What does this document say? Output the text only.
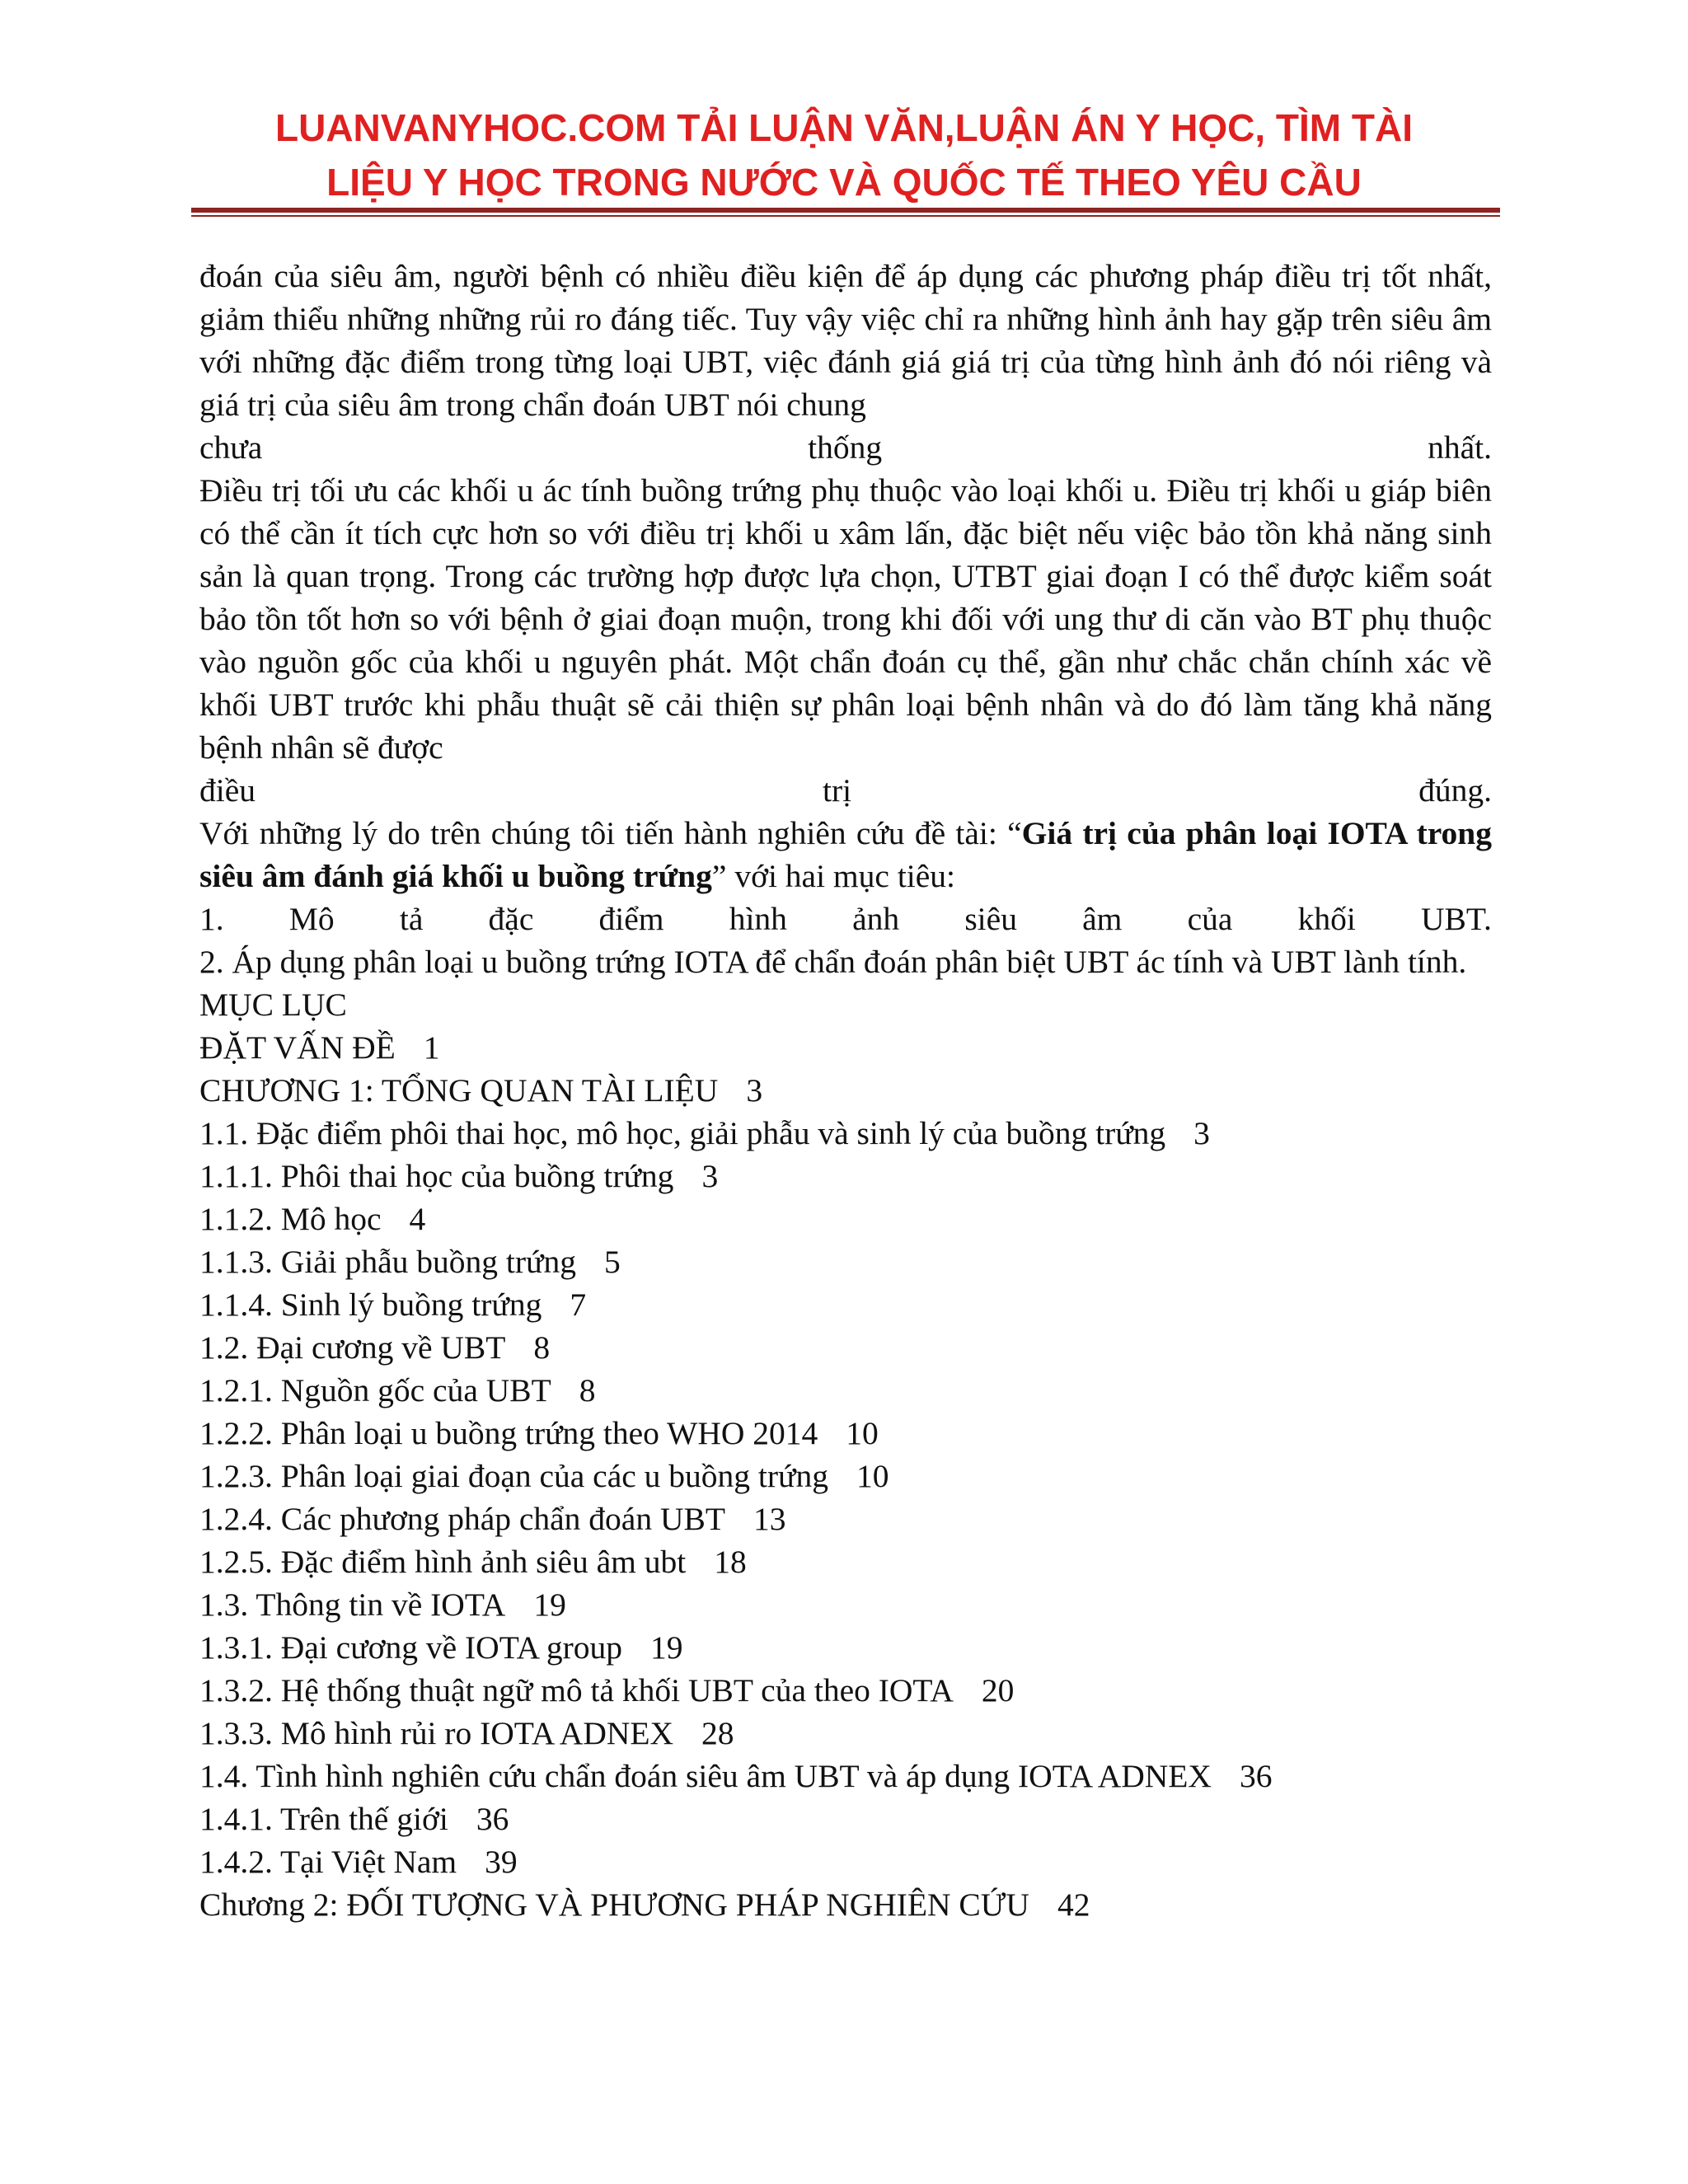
LUANVANYHOC.COM TẢI LUẬN VĂN,LUẬN ÁN Y HỌC, TÌM TÀI
LIỆU Y HỌC TRONG NƯỚC VÀ QUỐC TẾ THEO YÊU CẦU

đoán của siêu âm, người bệnh có nhiều điều kiện để áp dụng các phương pháp điều trị tốt nhất, giảm thiểu những những rủi ro đáng tiếc. Tuy vậy việc chỉ ra những hình ảnh hay gặp trên siêu âm với những đặc điểm trong từng loại UBT, việc đánh giá giá trị của từng hình ảnh đó nói riêng và giá trị của siêu âm trong chẩn đoán UBT nói chung

chưa	thống	nhất.

Điều trị tối ưu các khối u ác tính buồng trứng phụ thuộc vào loại khối u. Điều trị khối u giáp biên có thể cần ít tích cực hơn so với điều trị khối u xâm lấn, đặc biệt nếu việc bảo tồn khả năng sinh sản là quan trọng. Trong các trường hợp được lựa chọn, UTBT giai đoạn I có thể được kiểm soát bảo tồn tốt hơn so với bệnh ở giai đoạn muộn, trong khi đối với ung thư di căn vào BT phụ thuộc vào nguồn gốc của khối u nguyên phát. Một chẩn đoán cụ thể, gần như chắc chắn chính xác về khối UBT trước khi phẫu thuật sẽ cải thiện sự phân loại bệnh nhân và do đó làm tăng khả năng bệnh nhân sẽ được

điều	trị	đúng.

Với những lý do trên chúng tôi tiến hành nghiên cứu đề tài: “Giá trị của phân loại IOTA trong siêu âm đánh giá khối u buồng trứng” với hai mục tiêu:

1. Mô tả đặc điểm hình ảnh siêu âm của khối UBT.

2. Áp dụng phân loại u buồng trứng IOTA để chẩn đoán phân biệt UBT ác tính và UBT lành tính.

MỤC LỤC
ĐẶT VẤN ĐỀ 1
CHƯƠNG 1: TỔNG QUAN TÀI LIỆU 3
1.1. Đặc điểm phôi thai học, mô học, giải phẫu và sinh lý của buồng trứng 3
1.1.1. Phôi thai học của buồng trứng 3
1.1.2. Mô học 4
1.1.3. Giải phẫu buồng trứng 5
1.1.4. Sinh lý buồng trứng 7
1.2. Đại cương về UBT 8
1.2.1. Nguồn gốc của UBT 8
1.2.2. Phân loại u buồng trứng theo WHO 2014 10
1.2.3. Phân loại giai đoạn của các u buồng trứng 10
1.2.4. Các phương pháp chẩn đoán UBT 13
1.2.5. Đặc điểm hình ảnh siêu âm ubt 18
1.3. Thông tin về IOTA 19
1.3.1. Đại cương về IOTA group 19
1.3.2. Hệ thống thuật ngữ mô tả khối UBT của theo IOTA 20
1.3.3. Mô hình rủi ro IOTA ADNEX 28
1.4. Tình hình nghiên cứu chẩn đoán siêu âm UBT và áp dụng IOTA ADNEX 36
1.4.1. Trên thế giới 36
1.4.2. Tại Việt Nam 39
Chương 2: ĐỐI TƯỢNG VÀ PHƯƠNG PHÁP NGHIÊN CỨU 42
